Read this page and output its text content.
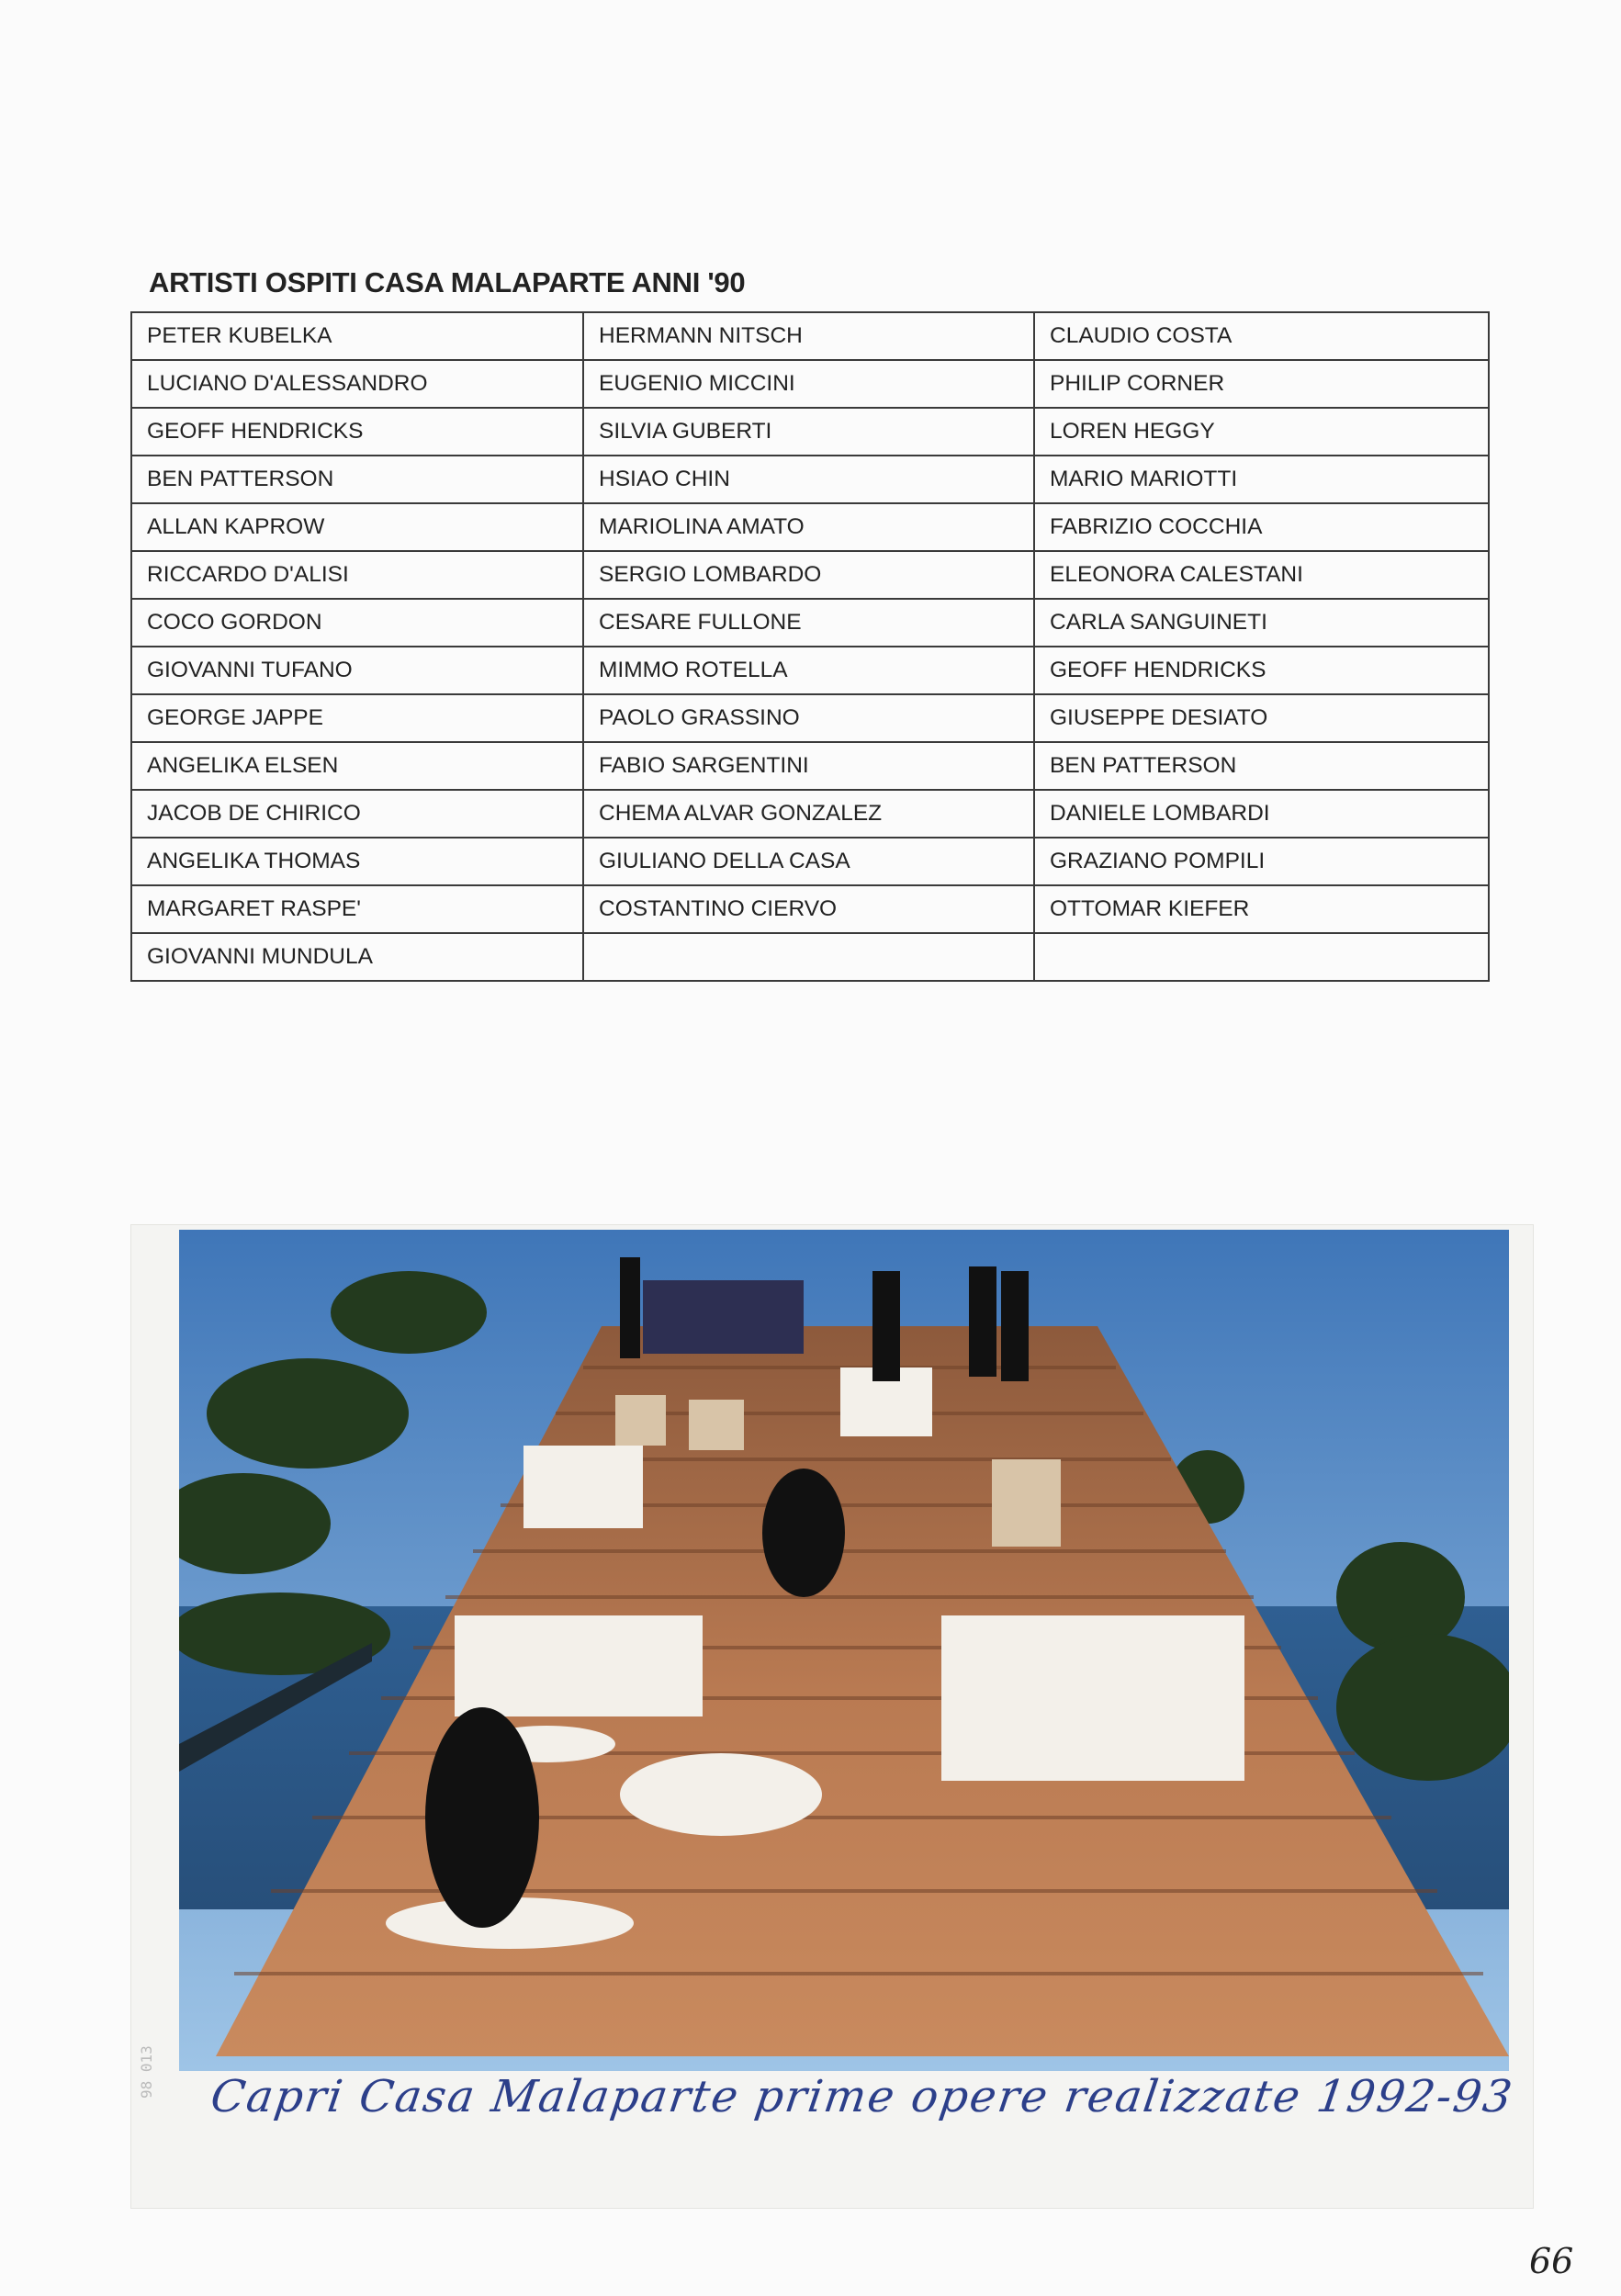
ARTISTI OSPITI CASA MALAPARTE ANNI '90
PETER KUBELKA	HERMANN NITSCH	CLAUDIO COSTA
LUCIANO D'ALESSANDRO	EUGENIO MICCINI	PHILIP CORNER
GEOFF HENDRICKS	SILVIA GUBERTI	LOREN HEGGY
BEN PATTERSON	HSIAO CHIN	MARIO MARIOTTI
ALLAN KAPROW	MARIOLINA AMATO	FABRIZIO COCCHIA
RICCARDO D'ALISI	SERGIO LOMBARDO	ELEONORA CALESTANI
COCO GORDON	CESARE FULLONE	CARLA SANGUINETI
GIOVANNI TUFANO	MIMMO ROTELLA	GEOFF HENDRICKS
GEORGE JAPPE	PAOLO GRASSINO	GIUSEPPE DESIATO
ANGELIKA ELSEN	FABIO SARGENTINI	BEN PATTERSON
JACOB DE CHIRICO	CHEMA ALVAR GONZALEZ	DANIELE LOMBARDI
ANGELIKA THOMAS	GIULIANO DELLA CASA	GRAZIANO POMPILI
MARGARET RASPE'	COSTANTINO CIERVO	OTTOMAR KIEFER
GIOVANNI MUNDULA		
98 013 Capri Casa Malaparte prime opere realizzate 1992-93
66
